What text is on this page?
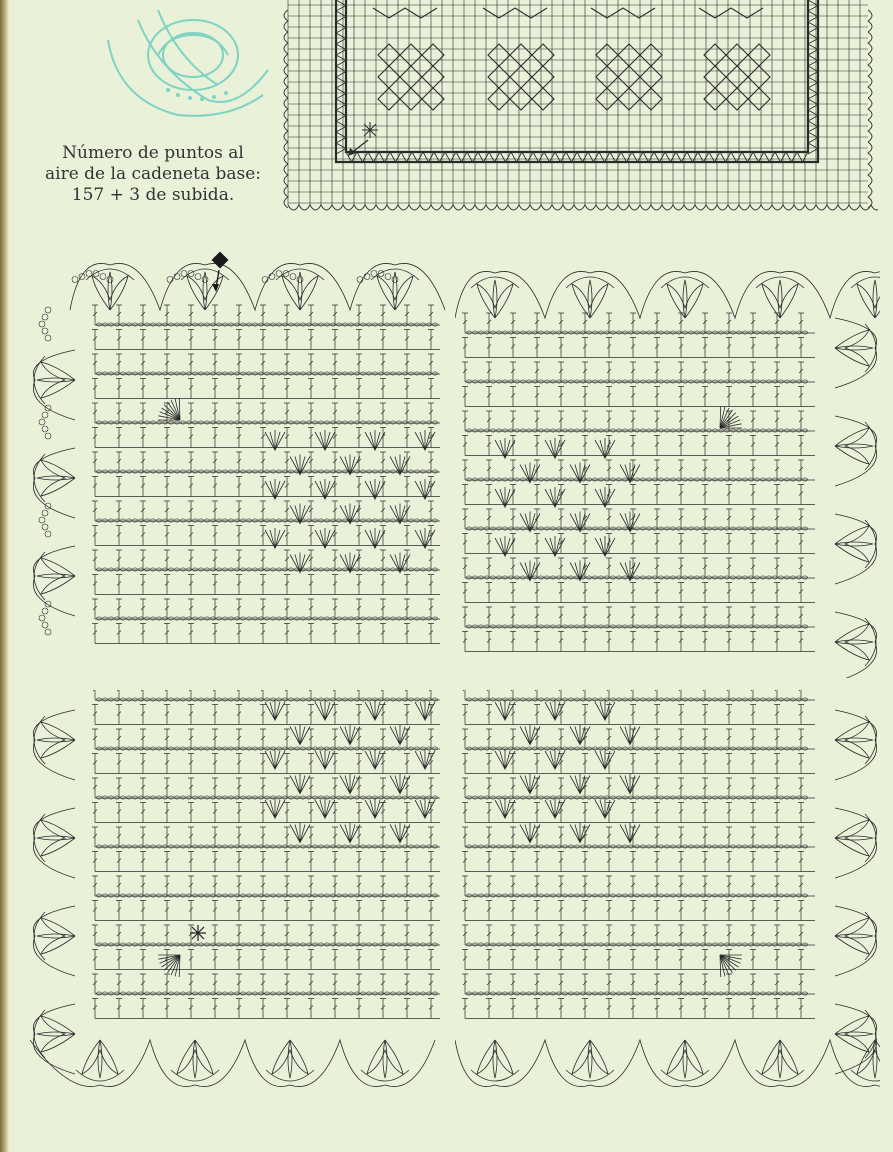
Número de puntos al
aire de la cadeneta base:
157 + 3 de subida.
